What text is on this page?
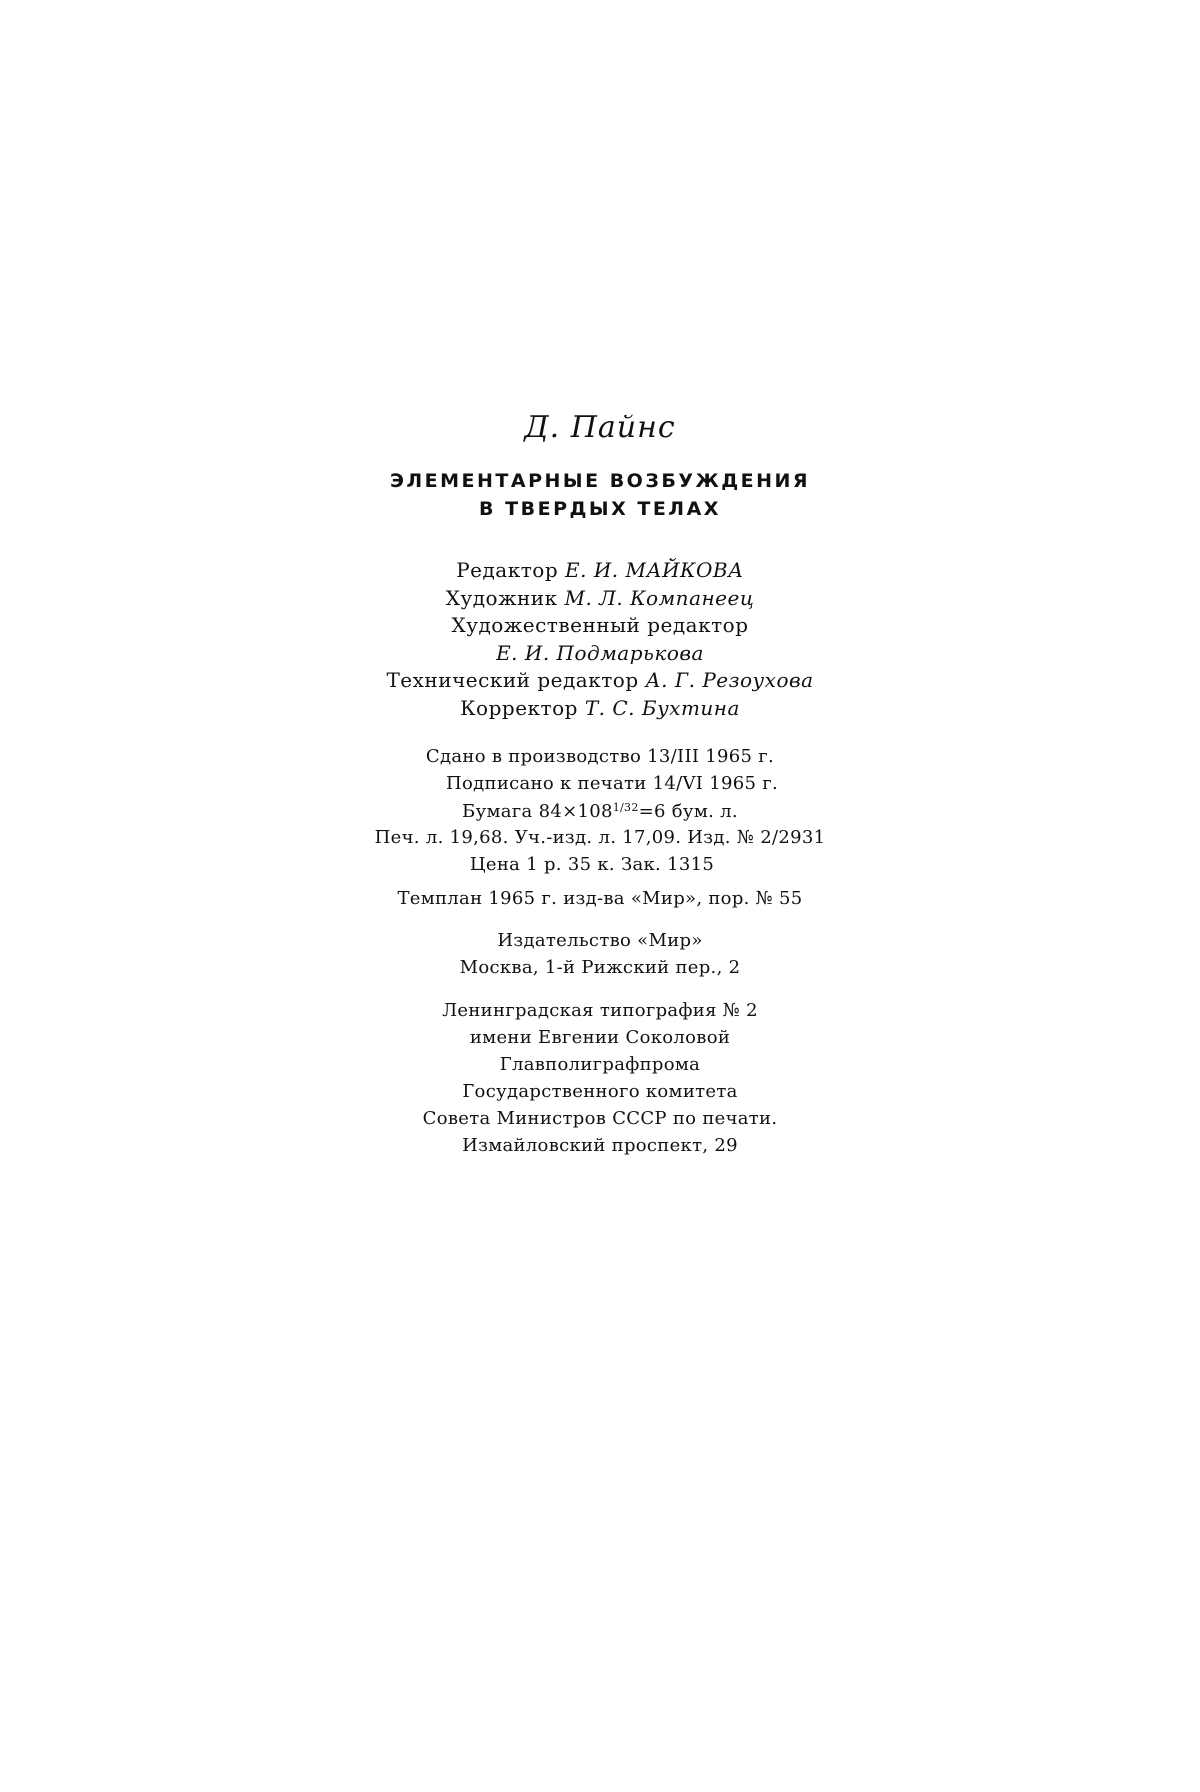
Д. Пайнс
ЭЛЕМЕНТАРНЫЕ ВОЗБУЖДЕНИЯ
В ТВЕРДЫХ ТЕЛАХ
Редактор Е. И. МАЙКОВА
Художник М. Л. Компанеец
Художественный редактор
Е. И. Подмарькова
Технический редактор А. Г. Резоухова
Корректор Т. С. Бухтина
Сдано в производство 13/III 1965 г.
Подписано к печати 14/VI 1965 г.
Бумага $84\times 108^{1/32}=6$ бум. л.
Печ. л. 19,68. Уч.-изд. л. 17,09. Изд. № 2/2931
Цена 1 р. 35 к. Зак. 1315
Темплан 1965 г. изд-ва «Мир», пор. № 55
Издательство «Мир»
Москва, 1-й Рижский пер., 2
Ленинградская типография № 2
имени Евгении Соколовой
Главполиграфпрома
Государственного комитета
Совета Министров СССР по печати.
Измайловский проспект, 29
